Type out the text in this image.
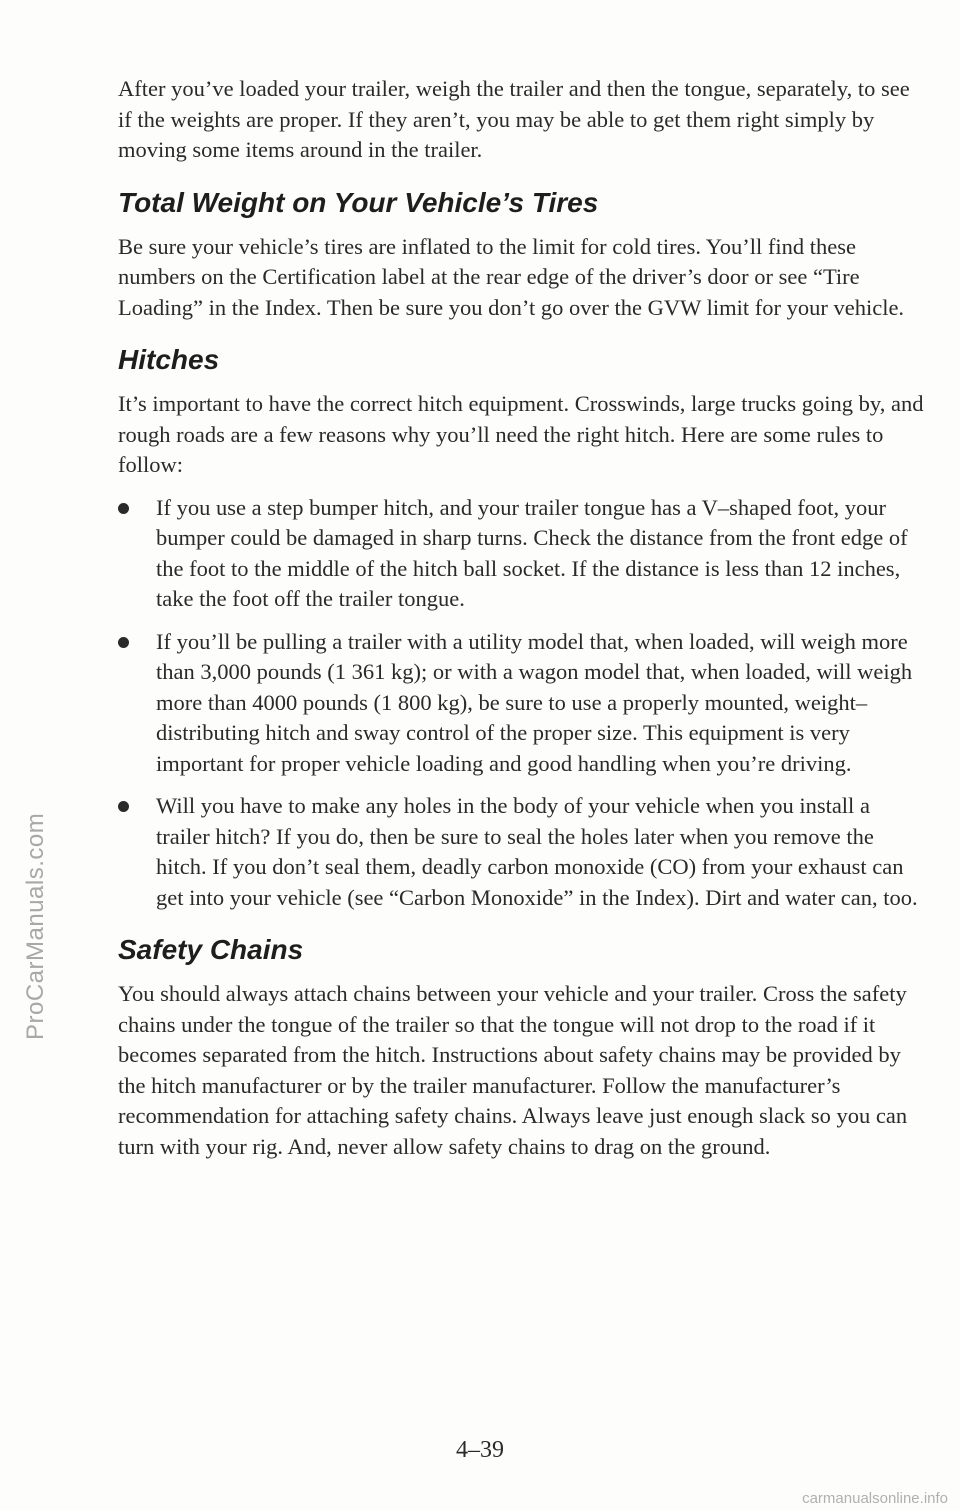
After you’ve loaded your trailer, weigh the trailer and then the tongue, separately, to see if the weights are proper. If they aren’t, you may be able to get them right simply by moving some items around in the trailer.

Total Weight on Your Vehicle’s Tires

Be sure your vehicle’s tires are inflated to the limit for cold tires. You’ll find these numbers on the Certification label at the rear edge of the driver’s door or see “Tire Loading” in the Index. Then be sure you don’t go over the GVW limit for your vehicle.

Hitches

It’s important to have the correct hitch equipment. Crosswinds, large trucks going by, and rough roads are a few reasons why you’ll need the right hitch. Here are some rules to follow:

If you use a step bumper hitch, and your trailer tongue has a V–shaped foot, your bumper could be damaged in sharp turns. Check the distance from the front edge of the foot to the middle of the hitch ball socket. If the distance is less than 12 inches, take the foot off the trailer tongue.
If you’ll be pulling a trailer with a utility model that, when loaded, will weigh more than 3,000 pounds (1 361 kg); or with a wagon model that, when loaded, will weigh more than 4000 pounds (1 800 kg), be sure to use a properly mounted, weight–distributing hitch and sway control of the proper size. This equipment is very important for proper vehicle loading and good handling when you’re driving.
Will you have to make any holes in the body of your vehicle when you install a trailer hitch? If you do, then be sure to seal the holes later when you remove the hitch. If you don’t seal them, deadly carbon monoxide (CO) from your exhaust can get into your vehicle (see “Carbon Monoxide” in the Index). Dirt and water can, too.
Safety Chains

You should always attach chains between your vehicle and your trailer. Cross the safety chains under the tongue of the trailer so that the tongue will not drop to the road if it becomes separated from the hitch. Instructions about safety chains may be provided by the hitch manufacturer or by the trailer manufacturer. Follow the manufacturer’s recommendation for attaching safety chains. Always leave just enough slack so you can turn with your rig. And, never allow safety chains to drag on the ground.

ProCarManuals.com
4–39
carmanualsonline.info
